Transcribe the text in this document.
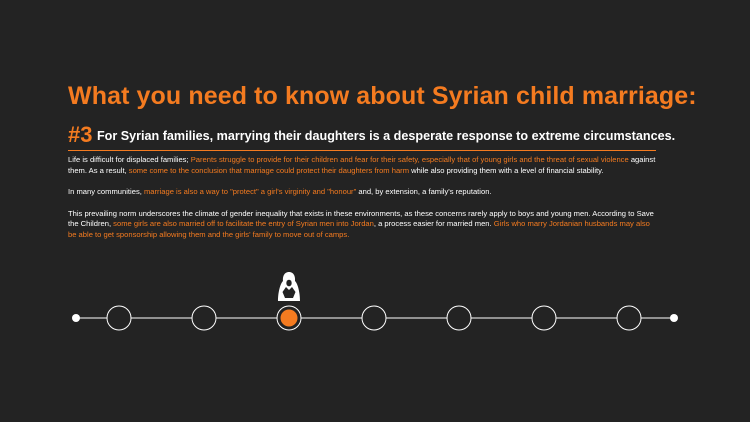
What you need to know about Syrian child marriage:
#3 For Syrian families, marrying their daughters is a desperate response to extreme circumstances.

Life is difficult for displaced families; Parents struggle to provide for their children and fear for their safety, especially that of young girls and the threat of sexual violence against them. As a result, some come to the conclusion that marriage could protect their daughters from harm while also providing them with a level of financial stability.

In many communities, marriage is also a way to "protect" a girl's virginity and "honour" and, by extension, a family's reputation.

This prevailing norm underscores the climate of gender inequality that exists in these environments, as these concerns rarely apply to boys and young men. According to Save the Children, some girls are also married off to facilitate the entry of Syrian men into Jordan, a process easier for married men. Girls who marry Jordanian husbands may also be able to get sponsorship allowing them and the girls' family to move out of camps.
